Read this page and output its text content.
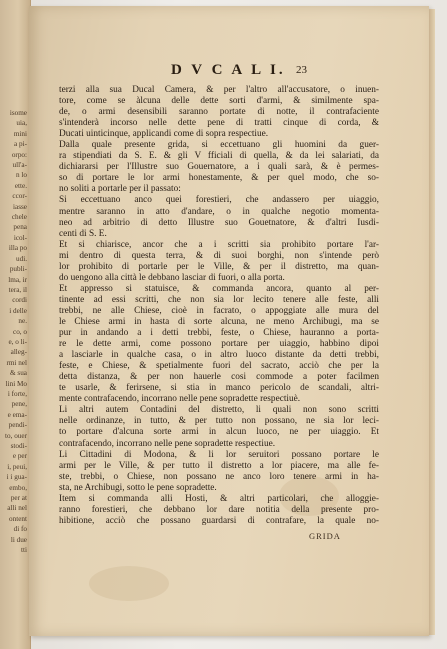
isome
uia,
mini
a pi-
orpo:
ull'a-
n lo
ette.
ccor-
iasse
chele
pena
icol-
illa po
udi.
publi-
lma, ir
tera, il
cordi
i delle
ne.
co, o
e, o li-
alleg-
rmi nel
& sua
lini Mo
i forte,
pene,
e ema-
pendi-
to, ouer
stodi-
e per
i, peui,
i i gua-
embo,
per at
alli nel
ontent
di fo
li due
tti
D V C A L I. 23
terzi alla sua Ducal Camera, & per l'altro all'accusatore, o inuen-
tore, come se àlcuna delle dette sorti d'armi, & similmente spa-
de, o armi desensibili saranno portate di notte, il contrafaciente
s'intenderà incorso nelle dette pene di tratti cinque di corda, &
Ducati uinticinque, applicandi come di sopra respectiue.
Dalla quale presente grida, si eccettuano gli huomini da guer-
ra stipendiati da S. E. & gli V fficiali di quella, & da lei salariati, da
dichiararsi per l'Illustre suo Gouernatore, a i quali sarà, & è permes-
so di portare le lor armi honestamente, & per quel modo, che so-
no soliti a portarle per il passato:
Si eccettuano anco quei forestieri, che andassero per uiaggio,
mentre saranno in atto d'andare, o in qualche negotio momenta-
neo ad arbitrio di detto Illustre suo Gouetnatore, & d'altri Iusdi-
centi di S. E.
Et si chiarisce, ancor che a i scritti sia prohibito portare l'ar-
mi dentro di questa terra, & di suoi borghi, non s'intende però
lor prohibito di portarle per le Ville, & per il distretto, ma quan-
do uengono alla città le debbano lasciar di fuori, o alla porta.
Et appresso si statuisce, & commanda ancora, quanto al per-
tinente ad essi scritti, che non sia lor lecito tenere alle feste, alli
trebbi, ne alle Chiese, cioè in facrato, o appoggiate alle mura del
le Chiese armi in hasta di sorte alcuna, ne meno Archibugi, ma se
pur in andando a i detti trebbi, feste, o Chiese, hauranno a porta-
re le dette armi, come possono portare per uiaggio, habbino dipoi
a lasciarle in qualche casa, o in altro luoco distante da detti trebbi,
feste, e Chiese, & spetialmente fuori del sacrato, acciò che per la
detta distanza, & per non hauerle cosi commode a poter facilmen
te usarle, & ferirsene, si stia in manco pericolo de scandali, altri-
mente contrafacendo, incorrano nelle pene sopradette respectiuè.
Li altri autem Contadini del distretto, li quali non sono scritti
nelle ordinanze, in tutto, & per tutto non possano, ne sia lor leci-
to portare d'alcuna sorte armi in alcun luoco, ne per uiaggio. Et
contrafacendo, incorrano nelle pene sopradette respectiue.
Li Cittadini di Modona, & li lor seruitori possano portare le
armi per le Ville, & per tutto il distretto a lor piacere, ma alle fe-
ste, trebbi, o Chiese, non possano ne anco loro tenere armi in ha-
sta, ne Archibugi, sotto le pene sopradette.
Item si commanda alli Hosti, & altri particolari, che alloggie-
ranno forestieri, che debbano lor dare notitia della presente pro-
hibitione, acciò che possano guardarsi di contrafare, la quale no-
GRIDA
